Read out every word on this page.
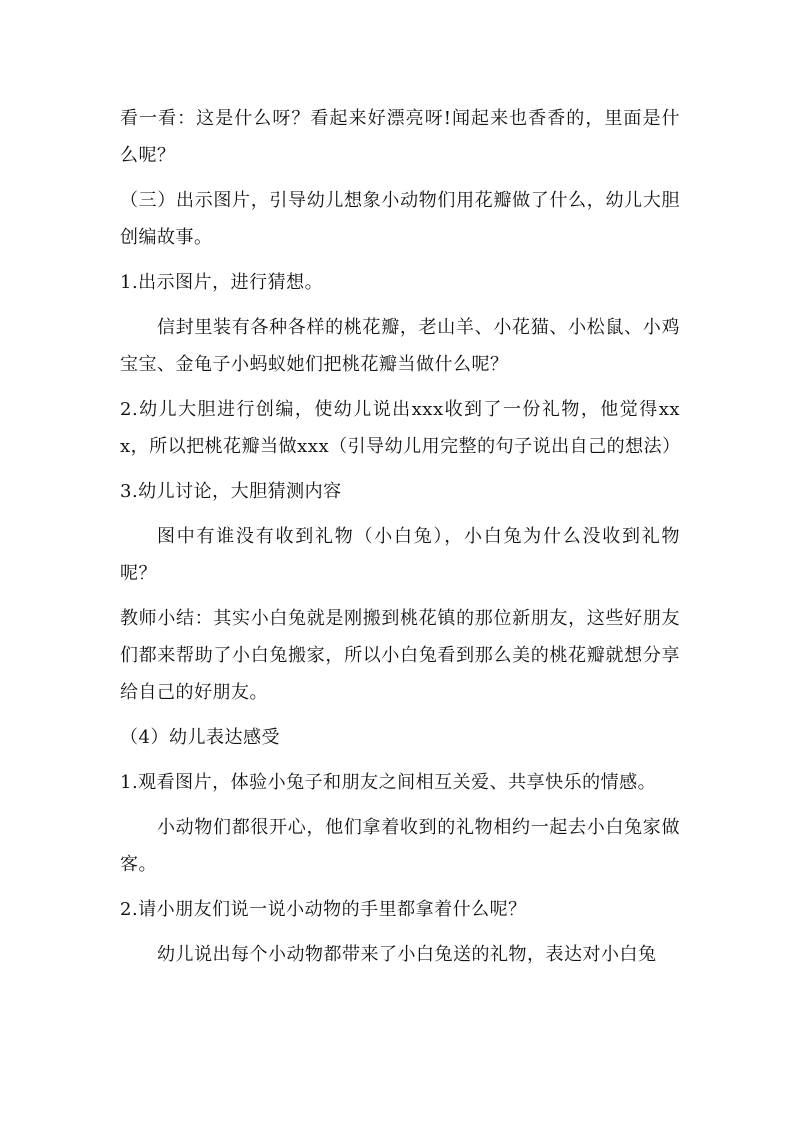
看一看：这是什么呀？看起来好漂亮呀!闻起来也香香的，里面是什么呢？

（三）出示图片，引导幼儿想象小动物们用花瓣做了什么，幼儿大胆创编故事。

1.出示图片，进行猜想。

信封里装有各种各样的桃花瓣，老山羊、小花猫、小松鼠、小鸡宝宝、金龟子小蚂蚁她们把桃花瓣当做什么呢？

2.幼儿大胆进行创编，使幼儿说出xxx收到了一份礼物，他觉得xxx，所以把桃花瓣当做xxx（引导幼儿用完整的句子说出自己的想法）

3.幼儿讨论，大胆猜测内容

图中有谁没有收到礼物（小白兔），小白兔为什么没收到礼物呢？

教师小结：其实小白兔就是刚搬到桃花镇的那位新朋友，这些好朋友们都来帮助了小白兔搬家，所以小白兔看到那么美的桃花瓣就想分享给自己的好朋友。

（4）幼儿表达感受

1.观看图片，体验小兔子和朋友之间相互关爱、共享快乐的情感。

小动物们都很开心，他们拿着收到的礼物相约一起去小白兔家做客。

2.请小朋友们说一说小动物的手里都拿着什么呢？

幼儿说出每个小动物都带来了小白兔送的礼物，表达对小白兔
